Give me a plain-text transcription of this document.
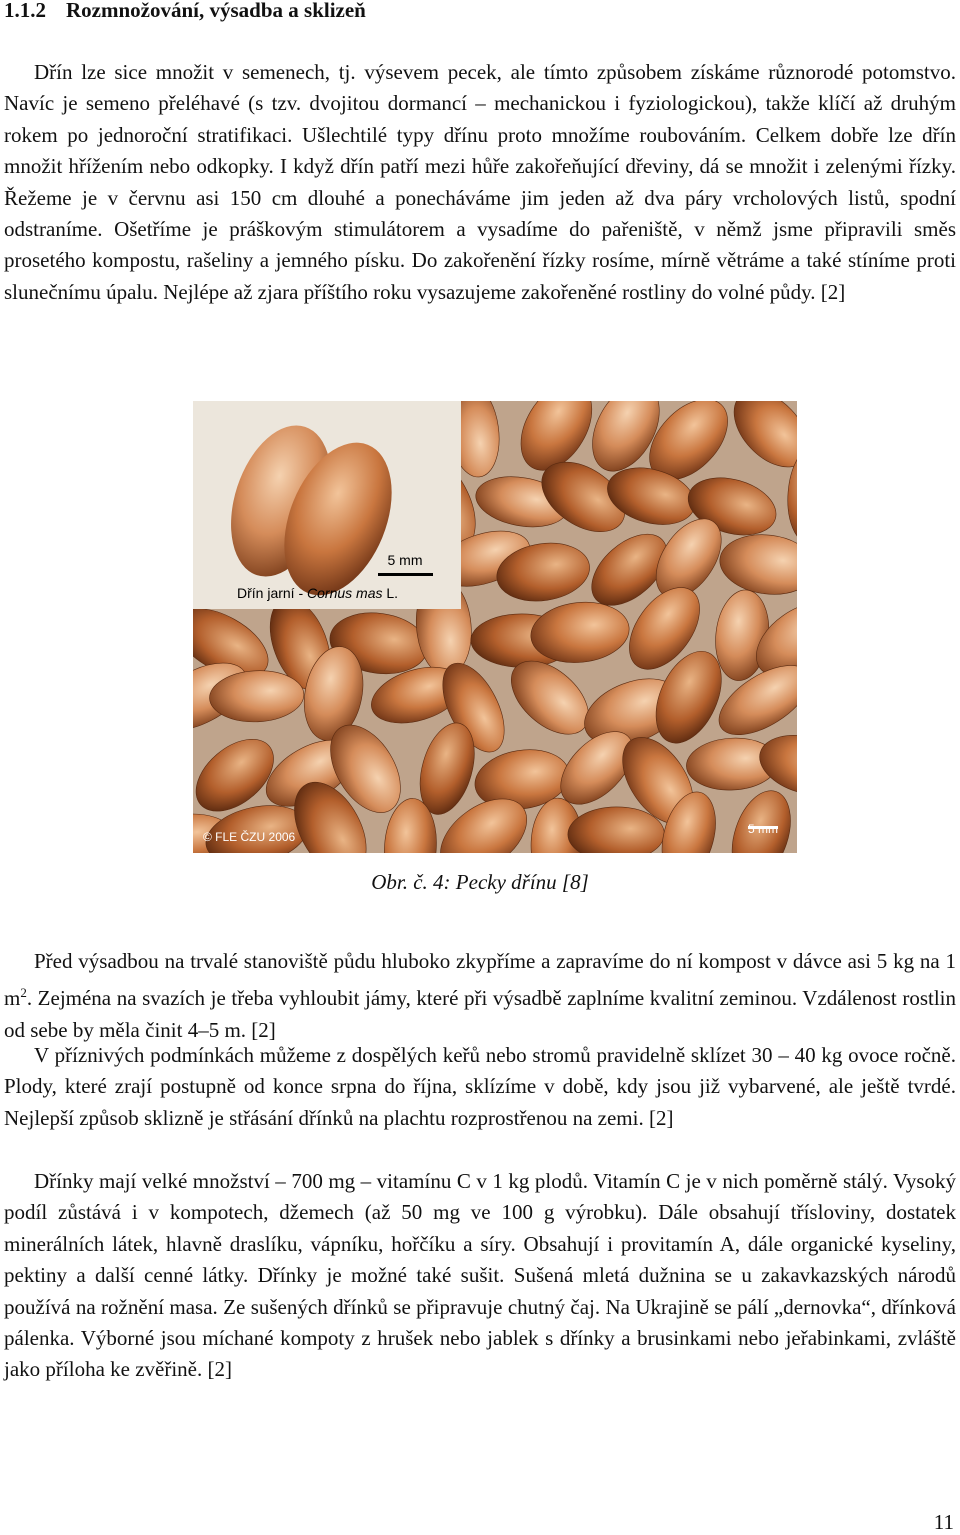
1.1.2 Rozmnožování, výsadba a sklizeň

Dřín lze sice množit v semenech, tj. výsevem pecek, ale tímto způsobem získáme různorodé potomstvo. Navíc je semeno přeléhavé (s tzv. dvojitou dormancí – mechanickou i fyziologickou), takže klíčí až druhým rokem po jednoroční stratifikaci. Ušlechtilé typy dřínu proto množíme roubováním. Celkem dobře lze dřín množit hřížením nebo odkopky. I když dřín patří mezi hůře zakořeňující dřeviny, dá se množit i zelenými řízky. Řežeme je v červnu asi 150 cm dlouhé a ponecháváme jim jeden až dva páry vrcholových listů, spodní odstraníme. Ošetříme je práškovým stimulátorem a vysadíme do pařeniště, v němž jsme připravili směs prosetého kompostu, rašeliny a jemného písku. Do zakořenění řízky rosíme, mírně větráme a také stíníme proti slunečnímu úpalu. Nejlépe až zjara příštího roku vysazujeme zakořeněné rostliny do volné půdy. [2]

5 mm
Dřín jarní - Cornus mas L.
© FLE ČZU 2006
5 mm

Obr. č. 4: Pecky dřínu [8]

Před výsadbou na trvalé stanoviště půdu hluboko zkypříme a zapravíme do ní kompost v dávce asi 5 kg na 1 $m^2$. Zejména na svazích je třeba vyhloubit jámy, které při výsadbě zaplníme kvalitní zeminou. Vzdálenost rostlin od sebe by měla činit 4–5 m. [2]

V příznivých podmínkách můžeme z dospělých keřů nebo stromů pravidelně sklízet 30 – 40 kg ovoce ročně. Plody, které zrají postupně od konce srpna do října, sklízíme v době, kdy jsou již vybarvené, ale ještě tvrdé. Nejlepší způsob sklizně je střásání dřínků na plachtu rozprostřenou na zemi. [2]

Dřínky mají velké množství – 700 mg – vitamínu C v 1 kg plodů. Vitamín C je v nich poměrně stálý. Vysoký podíl zůstává i v kompotech, džemech (až 50 mg ve 100 g výrobku). Dále obsahují třísloviny, dostatek minerálních látek, hlavně draslíku, vápníku, hořčíku a síry. Obsahují i provitamín A, dále organické kyseliny, pektiny a další cenné látky. Dřínky je možné také sušit. Sušená mletá dužnina se u zakavkazských národů používá na rožnění masa. Ze sušených dřínků se připravuje chutný čaj. Na Ukrajině se pálí „dernovka“, dřínková pálenka. Výborné jsou míchané kompoty z hrušek nebo jablek s dřínky a brusinkami nebo jeřabinkami, zvláště jako příloha ke zvěřině. [2]

11
